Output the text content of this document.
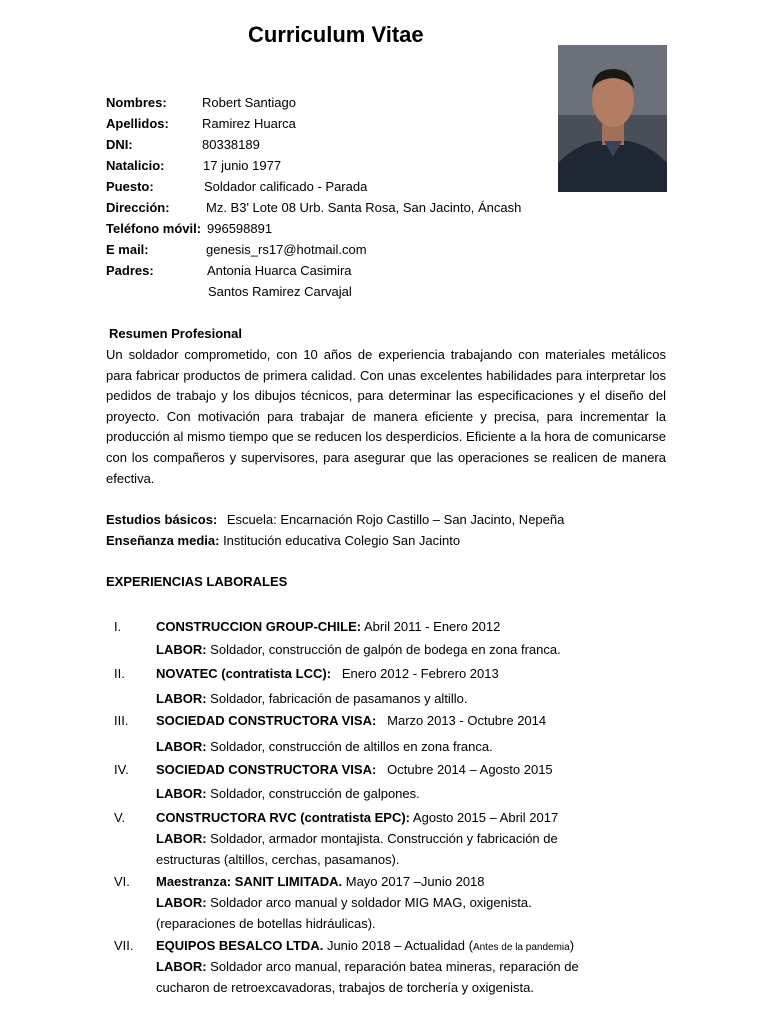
Curriculum Vitae
Nombres:	Robert Santiago
Apellidos:	Ramirez Huarca
DNI:	80338189
Natalicio:	17 junio 1977
Puesto:	Soldador calificado - Parada
Dirección:	Mz. B3' Lote 08 Urb. Santa Rosa, San Jacinto, Áncash
Teléfono móvil: 996598891
E mail:	genesis_rs17@hotmail.com
Padres:	Antonia Huarca Casimira
Santos Ramirez Carvajal
Resumen Profesional
Un soldador comprometido, con 10 años de experiencia trabajando con materiales metálicos para fabricar productos de primera calidad. Con unas excelentes habilidades para interpretar los pedidos de trabajo y los dibujos técnicos, para determinar las especificaciones y el diseño del proyecto. Con motivación para trabajar de manera eficiente y precisa, para incrementar la producción al mismo tiempo que se reducen los desperdicios. Eficiente a la hora de comunicarse con los compañeros y supervisores, para asegurar que las operaciones se realicen de manera efectiva.
Estudios básicos: Escuela: Encarnación Rojo Castillo – San Jacinto, Nepeña
Enseñanza media: Institución educativa Colegio San Jacinto
EXPERIENCIAS LABORALES
I.	CONSTRUCCION GROUP-CHILE: Abril 2011 - Enero 2012
LABOR: Soldador, construcción de galpón de bodega en zona franca.
II. NOVATEC (contratista LCC): Enero 2012 - Febrero 2013
LABOR: Soldador, fabricación de pasamanos y altillo.
III. SOCIEDAD CONSTRUCTORA VISA: Marzo 2013 - Octubre 2014
LABOR: Soldador, construcción de altillos en zona franca.
IV. SOCIEDAD CONSTRUCTORA VISA: Octubre 2014 – Agosto 2015
LABOR: Soldador, construcción de galpones.
V. CONSTRUCTORA RVC (contratista EPC): Agosto 2015 – Abril 2017
LABOR: Soldador, armador montajista. Construcción y fabricación de estructuras (altillos, cerchas, pasamanos).
VI. Maestranza: SANIT LIMITADA. Mayo 2017 –Junio 2018
LABOR: Soldador arco manual y soldador MIG MAG, oxigenista. (reparaciones de botellas hidráulicas).
VII. EQUIPOS BESALCO LTDA. Junio 2018 – Actualidad (Antes de la pandemia)
LABOR: Soldador arco manual, reparación batea mineras, reparación de cucharon de retroexcavadoras, trabajos de torchería y oxigenista.
